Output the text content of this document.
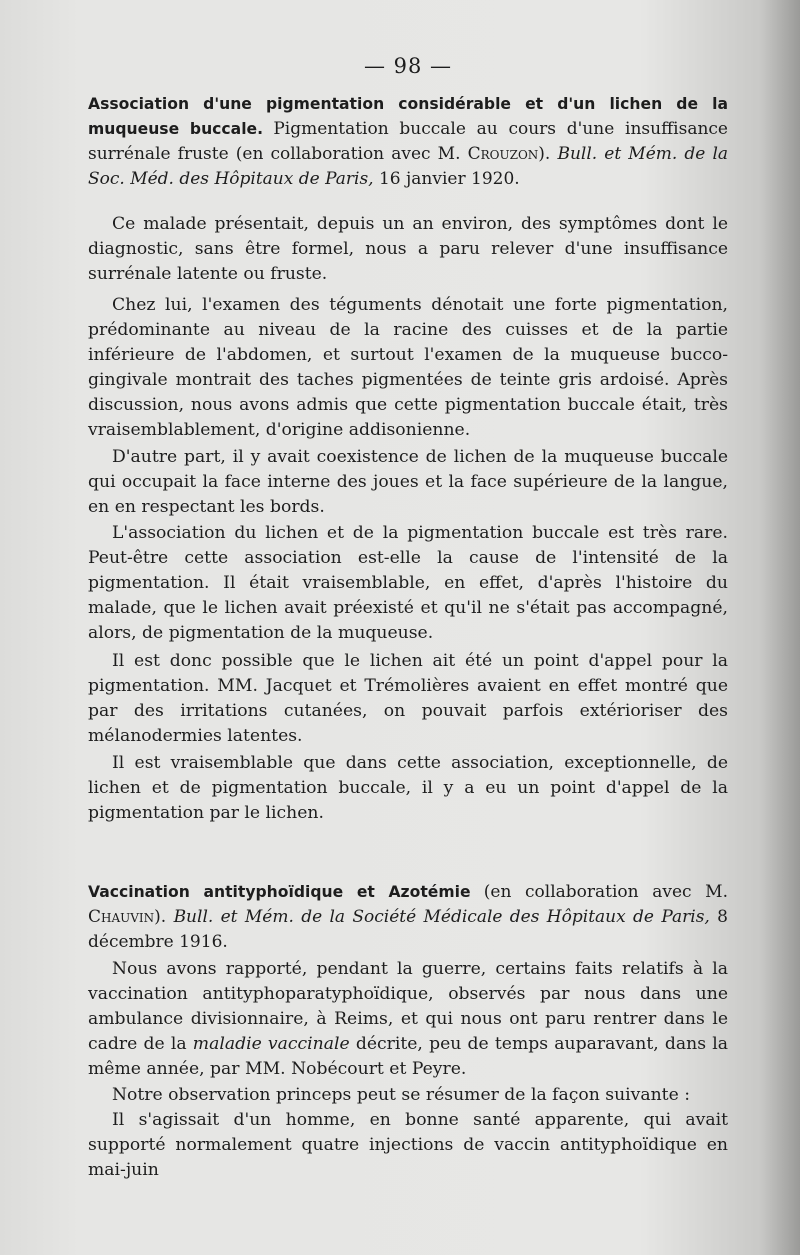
— 98 —

Association d'une pigmentation considérable et d'un lichen de la muqueuse buccale. Pigmentation buccale au cours d'une insuffisance surrénale fruste (en collaboration avec M. Crouzon). Bull. et Mém. de la Soc. Méd. des Hôpitaux de Paris, 16 janvier 1920.

Ce malade présentait, depuis un an environ, des symptômes dont le diagnostic, sans être formel, nous a paru relever d'une insuffisance surrénale latente ou fruste.

Chez lui, l'examen des téguments dénotait une forte pigmentation, prédominante au niveau de la racine des cuisses et de la partie inférieure de l'abdomen, et surtout l'examen de la muqueuse bucco-gingivale montrait des taches pigmentées de teinte gris ardoisé. Après discussion, nous avons admis que cette pigmentation buccale était, très vraisemblablement, d'origine addisonienne.

D'autre part, il y avait coexistence de lichen de la muqueuse buccale qui occupait la face interne des joues et la face supérieure de la langue, en en respectant les bords.

L'association du lichen et de la pigmentation buccale est très rare. Peut-être cette association est-elle la cause de l'intensité de la pigmentation. Il était vraisemblable, en effet, d'après l'histoire du malade, que le lichen avait préexisté et qu'il ne s'était pas accompagné, alors, de pigmentation de la muqueuse.

Il est donc possible que le lichen ait été un point d'appel pour la pigmentation. MM. Jacquet et Trémolières avaient en effet montré que par des irritations cutanées, on pouvait parfois extérioriser des mélanodermies latentes.

Il est vraisemblable que dans cette association, exceptionnelle, de lichen et de pigmentation buccale, il y a eu un point d'appel de la pigmentation par le lichen.

Vaccination antityphoïdique et Azotémie (en collaboration avec M. Chauvin). Bull. et Mém. de la Société Médicale des Hôpitaux de Paris, 8 décembre 1916.

Nous avons rapporté, pendant la guerre, certains faits relatifs à la vaccination antityphoparatyphoïdique, observés par nous dans une ambulance divisionnaire, à Reims, et qui nous ont paru rentrer dans le cadre de la maladie vaccinale décrite, peu de temps auparavant, dans la même année, par MM. Nobécourt et Peyre.

Notre observation princeps peut se résumer de la façon suivante :

Il s'agissait d'un homme, en bonne santé apparente, qui avait supporté normalement quatre injections de vaccin antityphoïdique en mai-juin
